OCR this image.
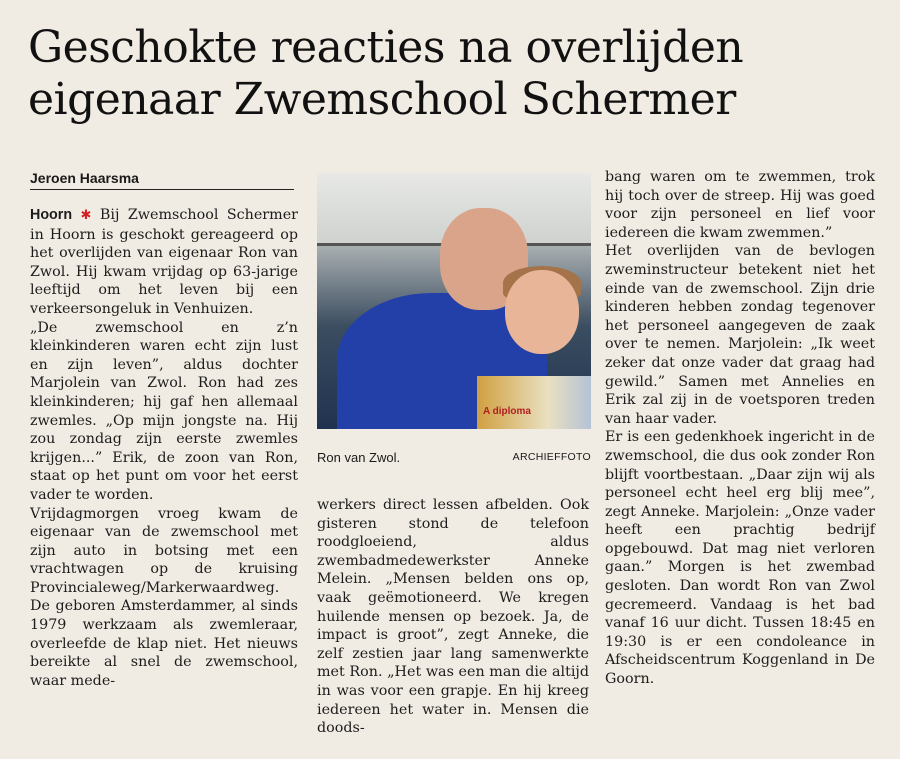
Geschokte reacties na overlijden eigenaar Zwemschool Schermer
Jeroen Haarsma

Hoorn ✱ Bij Zwemschool Schermer in Hoorn is geschokt gereageerd op het overlijden van eigenaar Ron van Zwol. Hij kwam vrijdag op 63-jarige leeftijd om het leven bij een verkeersongeluk in Venhuizen.

„De zwemschool en z’n kleinkinderen waren echt zijn lust en zijn leven”, aldus dochter Marjolein van Zwol. Ron had zes kleinkinderen; hij gaf hen allemaal zwemles. „Op mijn jongste na. Hij zou zondag zijn eerste zwemles krijgen...” Erik, de zoon van Ron, staat op het punt om voor het eerst vader te worden.

Vrijdagmorgen vroeg kwam de eigenaar van de zwemschool met zijn auto in botsing met een vrachtwagen op de kruising Provincialeweg/Markerwaardweg. De geboren Amsterdammer, al sinds 1979 werkzaam als zwemleraar, overleefde de klap niet. Het nieuws bereikte al snel de zwemschool, waar mede-

A diploma
Ron van Zwol.	ARCHIEFFOTO

werkers direct lessen afbelden. Ook gisteren stond de telefoon roodgloeiend, aldus zwembadmedewerkster Anneke Melein. „Mensen belden ons op, vaak geëmotioneerd. We kregen huilende mensen op bezoek. Ja, de impact is groot”, zegt Anneke, die zelf zestien jaar lang samenwerkte met Ron. „Het was een man die altijd in was voor een grapje. En hij kreeg iedereen het water in. Mensen die doods-

bang waren om te zwemmen, trok hij toch over de streep. Hij was goed voor zijn personeel en lief voor iedereen die kwam zwemmen.”

Het overlijden van de bevlogen zweminstructeur betekent niet het einde van de zwemschool. Zijn drie kinderen hebben zondag tegenover het personeel aangegeven de zaak over te nemen. Marjolein: „Ik weet zeker dat onze vader dat graag had gewild.” Samen met Annelies en Erik zal zij in de voetsporen treden van haar vader.

Er is een gedenkhoek ingericht in de zwemschool, die dus ook zonder Ron blijft voortbestaan. „Daar zijn wij als personeel echt heel erg blij mee”, zegt Anneke. Marjolein: „Onze vader heeft een prachtig bedrijf opgebouwd. Dat mag niet verloren gaan.” Morgen is het zwembad gesloten. Dan wordt Ron van Zwol gecremeerd. Vandaag is het bad vanaf 16 uur dicht. Tussen 18:45 en 19:30 is er een condoleance in Afscheidscentrum Koggenland in De Goorn.
